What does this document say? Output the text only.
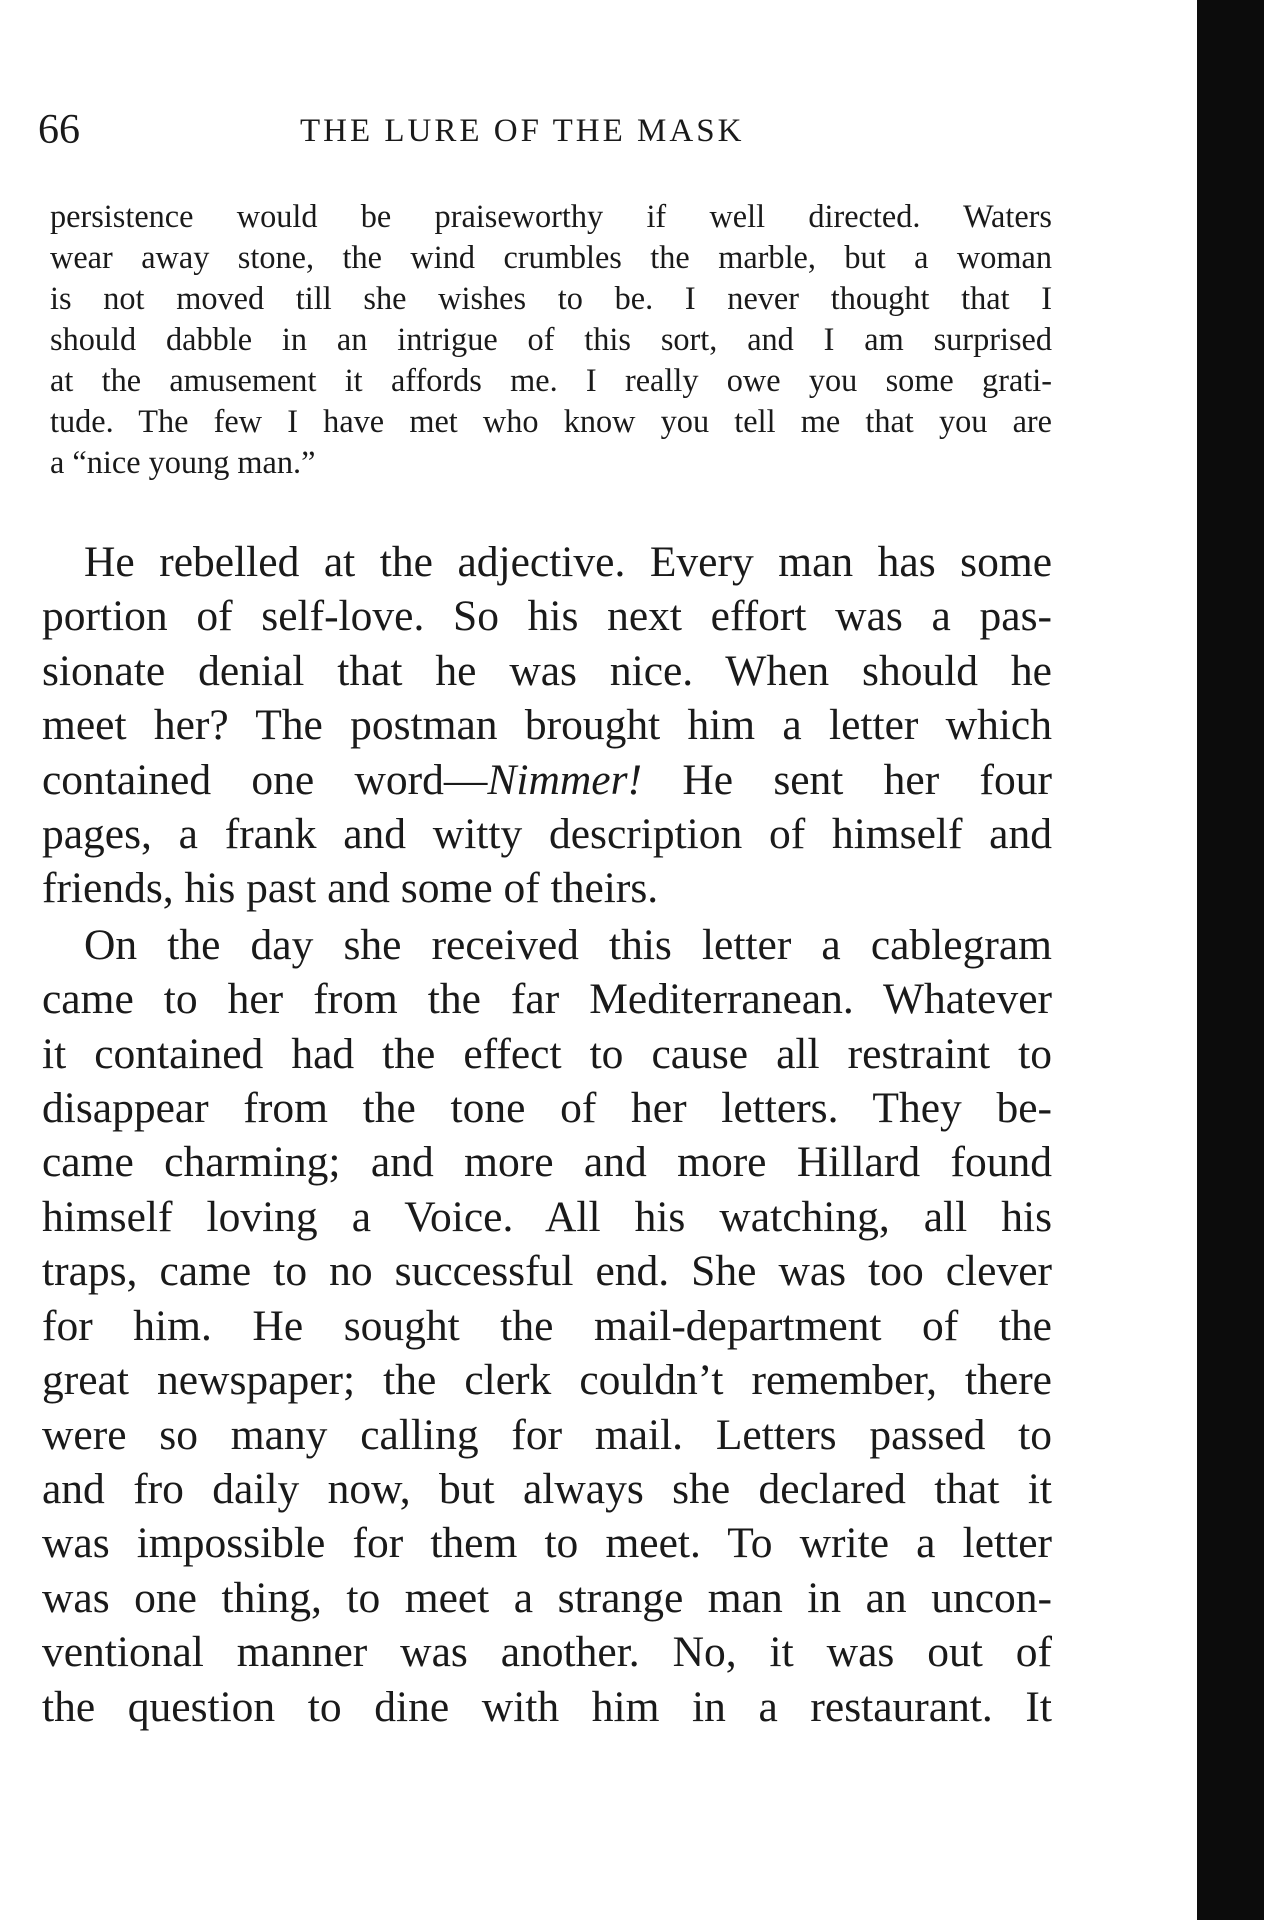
66	THE LURE OF THE MASK
persistence would be praiseworthy if well directed. Waters
wear away stone, the wind crumbles the marble, but a woman
is not moved till she wishes to be. I never thought that I
should dabble in an intrigue of this sort, and I am surprised
at the amusement it affords me. I really owe you some grati-
tude. The few I have met who know you tell me that you are
a “nice young man.”
He rebelled at the adjective. Every man has some
portion of self-love. So his next effort was a pas-
sionate denial that he was nice. When should he
meet her? The postman brought him a letter which
contained one word—Nimmer! He sent her four
pages, a frank and witty description of himself and
friends, his past and some of theirs.
On the day she received this letter a cablegram
came to her from the far Mediterranean. Whatever
it contained had the effect to cause all restraint to
disappear from the tone of her letters. They be-
came charming; and more and more Hillard found
himself loving a Voice. All his watching, all his
traps, came to no successful end. She was too clever
for him. He sought the mail-department of the
great newspaper; the clerk couldn’t remember, there
were so many calling for mail. Letters passed to
and fro daily now, but always she declared that it
was impossible for them to meet. To write a letter
was one thing, to meet a strange man in an uncon-
ventional manner was another. No, it was out of
the question to dine with him in a restaurant. It
